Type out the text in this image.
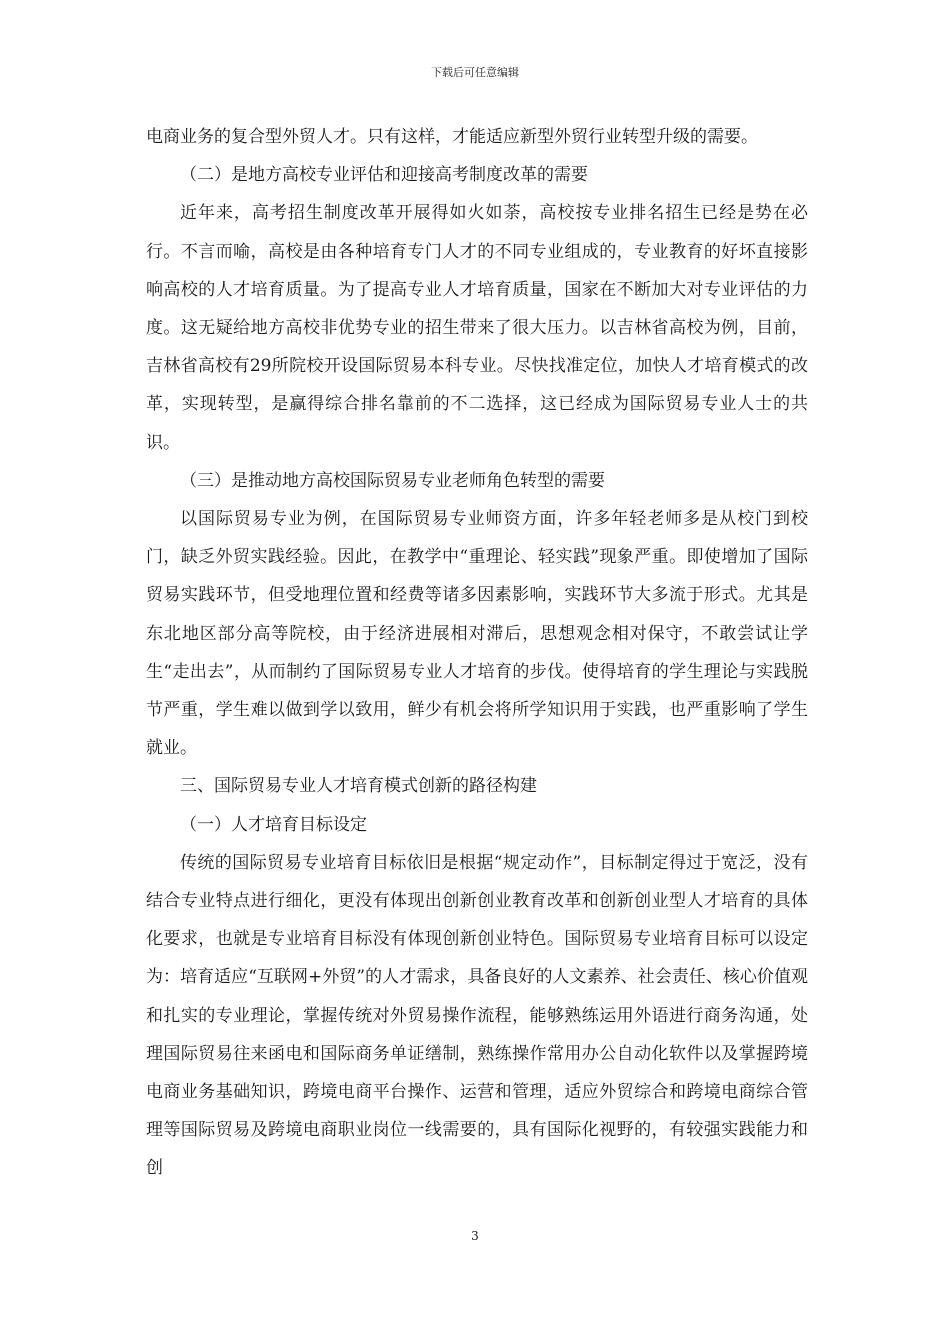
下载后可任意编辑

电商业务的复合型外贸人才。只有这样，才能适应新型外贸行业转型升级的需要。

（二）是地方高校专业评估和迎接高考制度改革的需要

近年来，高考招生制度改革开展得如火如荼，高校按专业排名招生已经是势在必行。不言而喻，高校是由各种培育专门人才的不同专业组成的，专业教育的好坏直接影响高校的人才培育质量。为了提高专业人才培育质量，国家在不断加大对专业评估的力度。这无疑给地方高校非优势专业的招生带来了很大压力。以吉林省高校为例，目前，吉林省高校有29所院校开设国际贸易本科专业。尽快找准定位，加快人才培育模式的改革，实现转型，是赢得综合排名靠前的不二选择，这已经成为国际贸易专业人士的共识。

（三）是推动地方高校国际贸易专业老师角色转型的需要

以国际贸易专业为例，在国际贸易专业师资方面，许多年轻老师多是从校门到校门，缺乏外贸实践经验。因此，在教学中“重理论、轻实践”现象严重。即使增加了国际贸易实践环节，但受地理位置和经费等诸多因素影响，实践环节大多流于形式。尤其是东北地区部分高等院校，由于经济进展相对滞后，思想观念相对保守，不敢尝试让学生“走出去”，从而制约了国际贸易专业人才培育的步伐。使得培育的学生理论与实践脱节严重，学生难以做到学以致用，鲜少有机会将所学知识用于实践，也严重影响了学生就业。

三、国际贸易专业人才培育模式创新的路径构建

（一）人才培育目标设定

传统的国际贸易专业培育目标依旧是根据“规定动作”，目标制定得过于宽泛，没有结合专业特点进行细化，更没有体现出创新创业教育改革和创新创业型人才培育的具体化要求，也就是专业培育目标没有体现创新创业特色。国际贸易专业培育目标可以设定为：培育适应“互联网+外贸”的人才需求，具备良好的人文素养、社会责任、核心价值观和扎实的专业理论，掌握传统对外贸易操作流程，能够熟练运用外语进行商务沟通，处理国际贸易往来函电和国际商务单证缮制，熟练操作常用办公自动化软件以及掌握跨境电商业务基础知识，跨境电商平台操作、运营和管理，适应外贸综合和跨境电商综合管理等国际贸易及跨境电商职业岗位一线需要的，具有国际化视野的，有较强实践能力和创

3
